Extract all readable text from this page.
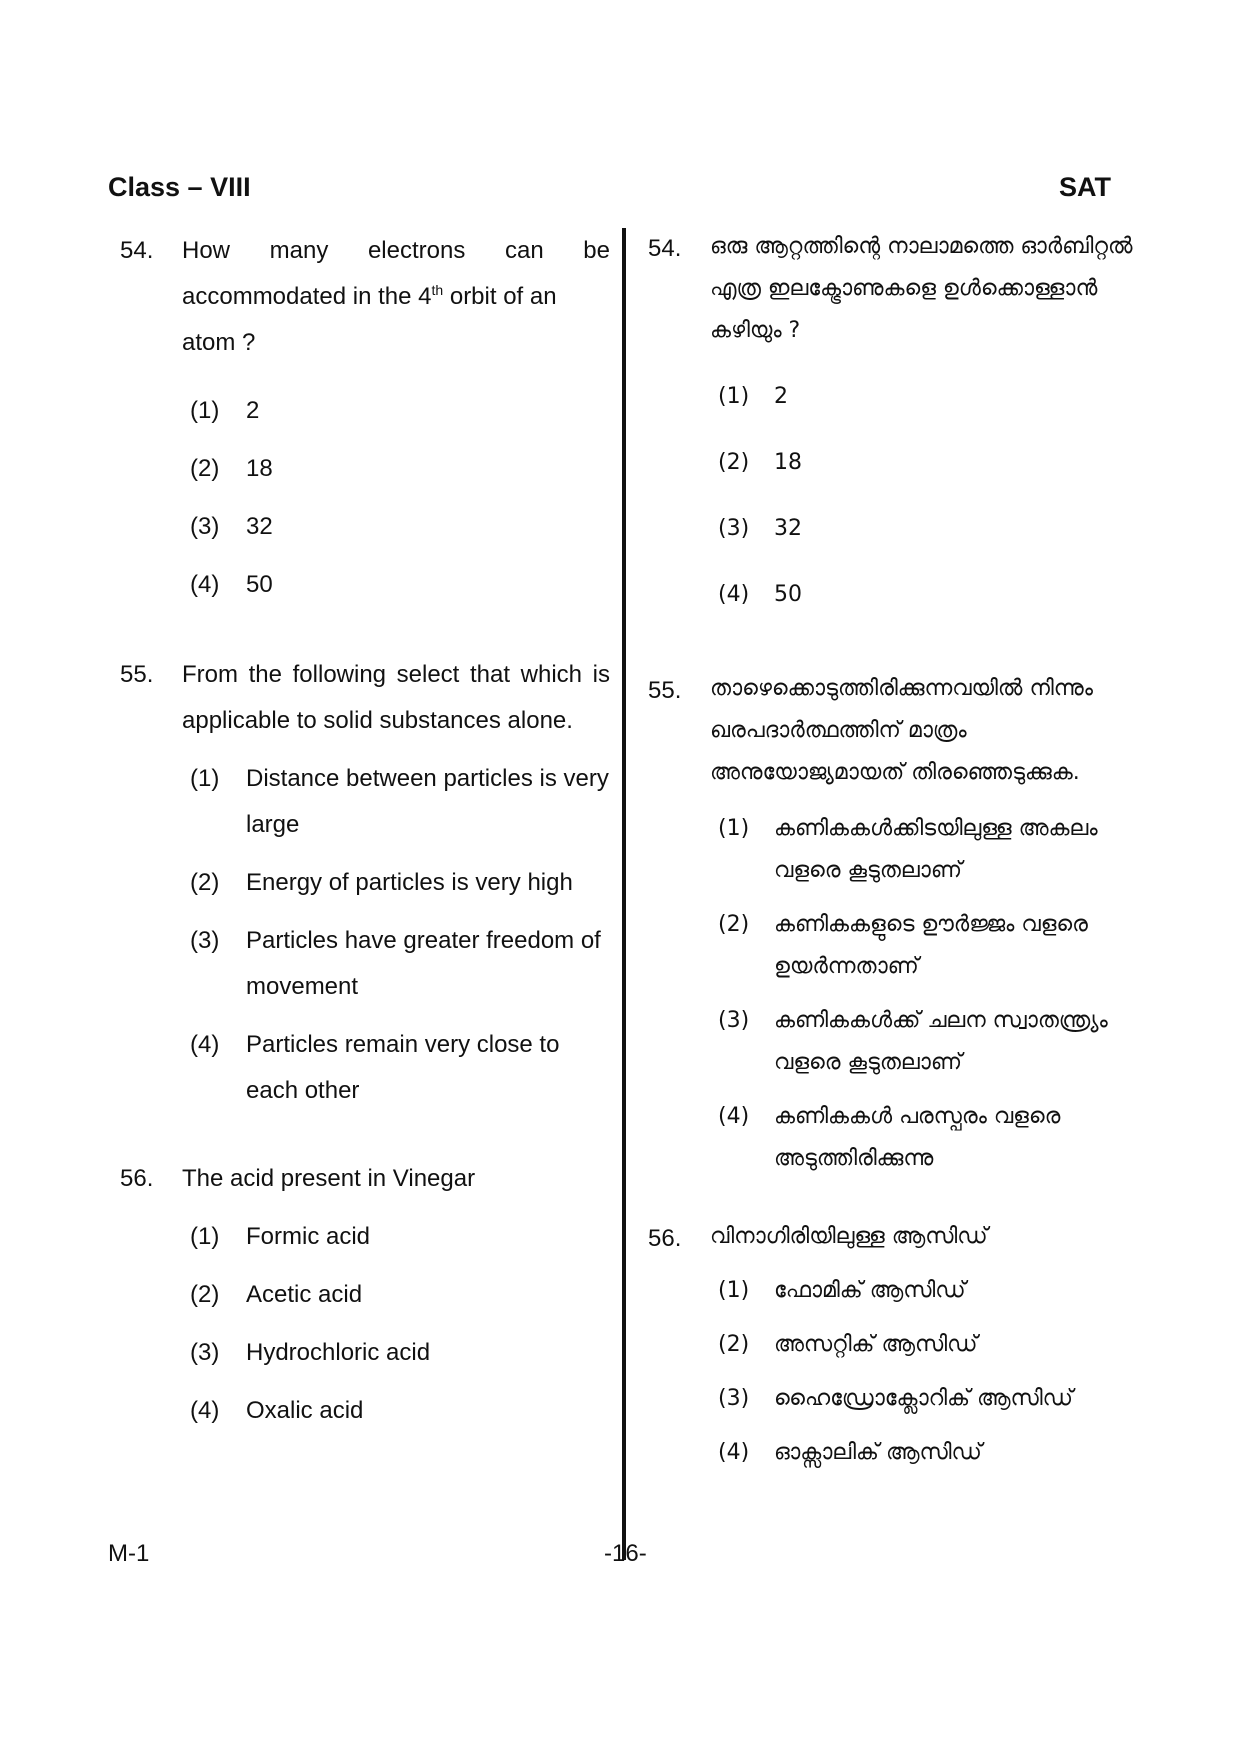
Class – VIII	SAT
54. How many electrons can be
accommodated in the 4th orbit of an atom ?
(1) 2
(2) 18
(3) 32
(4) 50
55. From the following select that which is applicable to solid substances alone.
(1) Distance between particles is very large
(2) Energy of particles is very high
(3) Particles have greater freedom of movement
(4) Particles remain very close to each other
56. The acid present in Vinegar
(1) Formic acid
(2) Acetic acid
(3) Hydrochloric acid
(4) Oxalic acid
54. ഒരു ആറ്റത്തിന്റെ നാലാമത്തെ ഓർബിറ്റൽ എത്ര ഇലക്ട്രോണുകളെ ഉൾക്കൊള്ളാൻ കഴിയും ?
(1) 2
(2) 18
(3) 32
(4) 50
55. താഴെക്കൊടുത്തിരിക്കുന്നവയിൽ നിന്നും ഖരപദാർത്ഥത്തിന് മാത്രം അനുയോജ്യമായത് തിരഞ്ഞെടുക്കുക.
(1) കണികകൾക്കിടയിലുള്ള അകലം വളരെ കൂടുതലാണ്
(2) കണികകളുടെ ഊർജ്ജം വളരെ ഉയർന്നതാണ്
(3) കണികകൾക്ക് ചലന സ്വാതന്ത്ര്യം വളരെ കൂടുതലാണ്
(4) കണികകൾ പരസ്പരം വളരെ അടുത്തിരിക്കുന്നു
56. വിനാഗിരിയിലുള്ള ആസിഡ്
(1) ഫോമിക് ആസിഡ്
(2) അസറ്റിക് ആസിഡ്
(3) ഹൈഡ്രോക്ലോറിക് ആസിഡ്
(4) ഓക്സാലിക് ആസിഡ്
M-1	-16-
